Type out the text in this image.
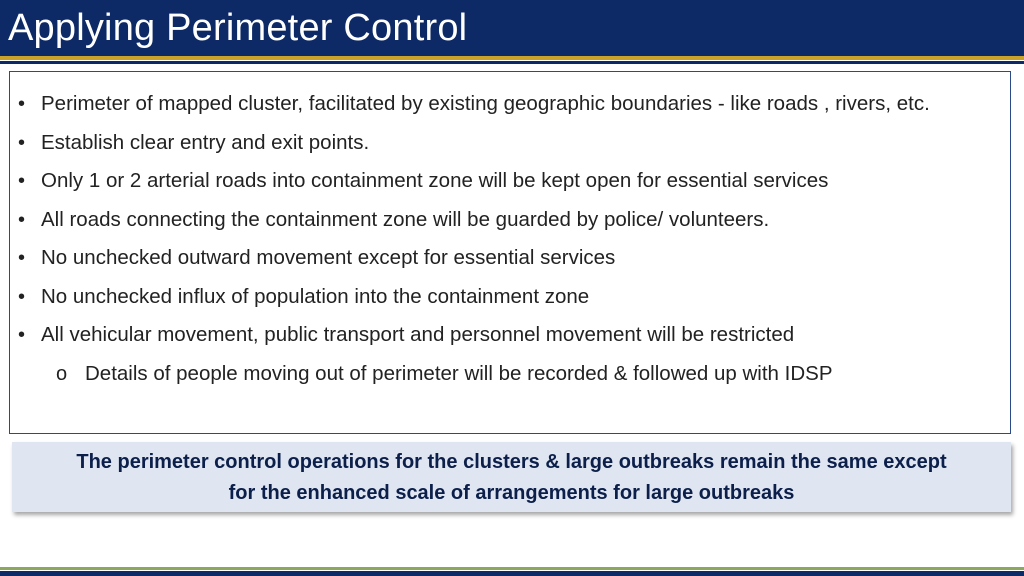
Applying Perimeter Control
• Perimeter of mapped cluster, facilitated by existing geographic boundaries - like roads , rivers, etc.
• Establish clear entry and exit points.
• Only 1 or 2 arterial roads into containment zone will be kept open for essential services
• All roads connecting the containment zone will be guarded by police/ volunteers.
• No unchecked outward movement except for essential services
• No unchecked influx of population into the containment zone
• All vehicular movement, public transport and personnel movement will be restricted
o Details of people moving out of perimeter will be recorded & followed up with IDSP
The perimeter control operations for the clusters & large outbreaks remain the same except
for the enhanced scale of arrangements for large outbreaks
